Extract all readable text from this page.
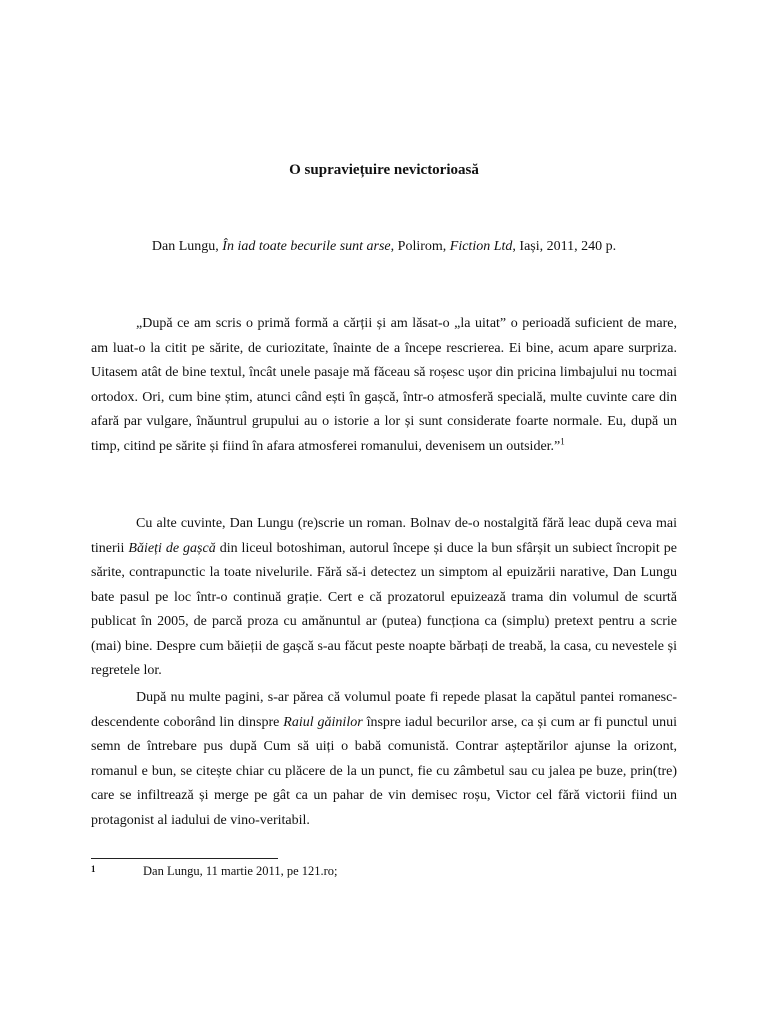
O supraviețuire nevictorioasă
Dan Lungu, În iad toate becurile sunt arse, Polirom, Fiction Ltd, Iași, 2011, 240 p.

„După ce am scris o primă formă a cărții și am lăsat-o „la uitat” o perioadă suficient de mare, am luat-o la citit pe sărite, de curiozitate, înainte de a începe rescrierea. Ei bine, acum apare surpriza. Uitasem atât de bine textul, încât unele pasaje mă făceau să roșesc ușor din pricina limbajului nu tocmai ortodox. Ori, cum bine știm, atunci când ești în gașcă, într-o atmosferă specială, multe cuvinte care din afară par vulgare, înăuntrul grupului au o istorie a lor și sunt considerate foarte normale. Eu, după un timp, citind pe sărite și fiind în afara atmosferei romanului, devenisem un outsider.”$^1$

Cu alte cuvinte, Dan Lungu (re)scrie un roman. Bolnav de-o nostalgită fără leac după ceva mai tinerii Băieți de gașcă din liceul botoshiman, autorul începe și duce la bun sfârșit un subiect încropit pe sărite, contrapunctic la toate nivelurile. Fără să-i detectez un simptom al epuizării narative, Dan Lungu bate pasul pe loc într-o continuă grație. Cert e că prozatorul epuizează trama din volumul de scurtă publicat în 2005, de parcă proza cu amănuntul ar (putea) funcționa ca (simplu) pretext pentru a scrie (mai) bine. Despre cum băieții de gașcă s-au făcut peste noapte bărbați de treabă, la casa, cu nevestele și regretele lor.

După nu multe pagini, s-ar părea că volumul poate fi repede plasat la capătul pantei romanesc-descendente coborând lin dinspre Raiul găinilor înspre iadul becurilor arse, ca și cum ar fi punctul unui semn de întrebare pus după Cum să uiți o babă comunistă. Contrar așteptărilor ajunse la orizont, romanul e bun, se citește chiar cu plăcere de la un punct, fie cu zâmbetul sau cu jalea pe buze, prin(tre) care se infiltrează și merge pe gât ca un pahar de vin demisec roșu, Victor cel fără victorii fiind un protagonist al iadului de vino-veritabil.

1	Dan Lungu, 11 martie 2011, pe 121.ro;
